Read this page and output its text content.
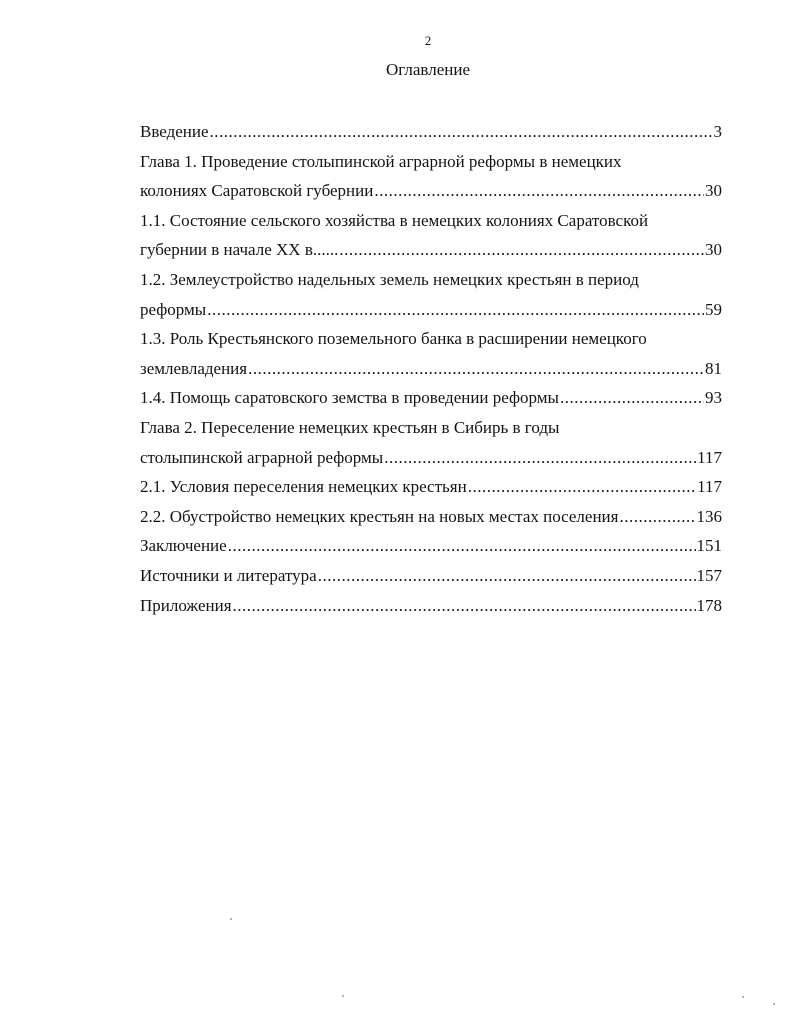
2
Оглавление
Введение .....	3
Глава 1. Проведение столыпинской аграрной реформы в немецких
колониях Саратовской губернии .....	30
1.1. Состояние сельского хозяйства в немецких колониях Саратовской
губернии в начале XX в...... .....	30
1.2. Землеустройство надельных земель немецких крестьян в период
реформы .....	59
1.3. Роль Крестьянского поземельного банка в расширении немецкого
землевладения .....	81
1.4. Помощь саратовского земства в проведении реформы .....	93
Глава 2. Переселение немецких крестьян в Сибирь в годы
столыпинской аграрной реформы .....	117
2.1. Условия переселения немецких крестьян .....	117
2.2. Обустройство немецких крестьян на новых местах поселения .....	136
Заключение .....	151
Источники и литература .....	157
Приложения .....	178
